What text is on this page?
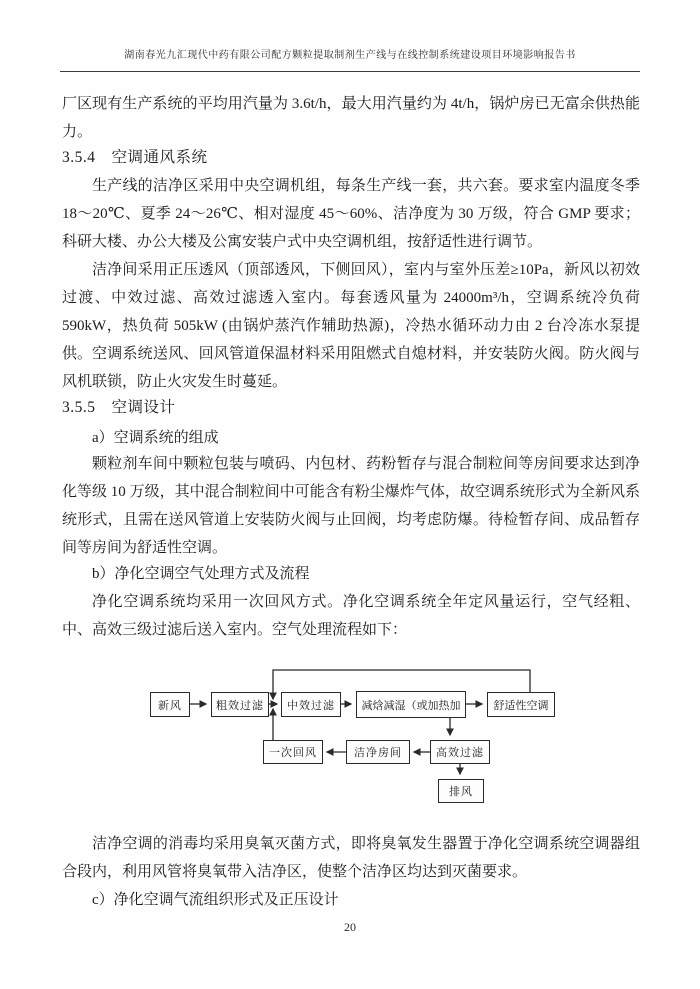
湖南春光九汇现代中药有限公司配方颗粒提取制剂生产线与在线控制系统建设项目环境影响报告书
厂区现有生产系统的平均用汽量为 3.6t/h，最大用汽量约为 4t/h，锅炉房已无富余供热能力。
3.5.4　空调通风系统
生产线的洁净区采用中央空调机组，每条生产线一套，共六套。要求室内温度冬季18～20℃、夏季 24～26℃、相对湿度 45～60%、洁净度为 30 万级，符合 GMP 要求；科研大楼、办公大楼及公寓安装户式中央空调机组，按舒适性进行调节。
洁净间采用正压透风（顶部透风，下侧回风），室内与室外压差≥10Pa，新风以初效过渡、中效过滤、高效过滤透入室内。每套透风量为 24000m³/h，空调系统冷负荷 590kW，热负荷 505kW (由锅炉蒸汽作辅助热源)，冷热水循环动力由 2 台冷冻水泵提供。 空调系统送风、回风管道保温材料采用阻燃式自熄材料，并安装防火阀。防火阀与风机联锁，防止火灾发生时蔓延。
3.5.5　空调设计
a）空调系统的组成
颗粒剂车间中颗粒包装与喷码、内包材、药粉暂存与混合制粒间等房间要求达到净化等级 10 万级，其中混合制粒间中可能含有粉尘爆炸气体，故空调系统形式为全新风系统形式，且需在送风管道上安装防火阀与止回阀，均考虑防爆。待检暂存间、成品暂存间等房间为舒适性空调。
b）净化空调空气处理方式及流程
净化空调系统均采用一次回风方式。净化空调系统全年定风量运行，空气经粗、中、高效三级过滤后送入室内。空气处理流程如下：
新风	粗效过滤	中效过滤	减焓减湿（或加热加	舒适性空调
一次回风	洁净房间	高效过滤
排风
洁净空调的消毒均采用臭氧灭菌方式，即将臭氧发生器置于净化空调系统空调器组合段内，利用风管将臭氧带入洁净区，使整个洁净区均达到灭菌要求。
c）净化空调气流组织形式及正压设计
20
